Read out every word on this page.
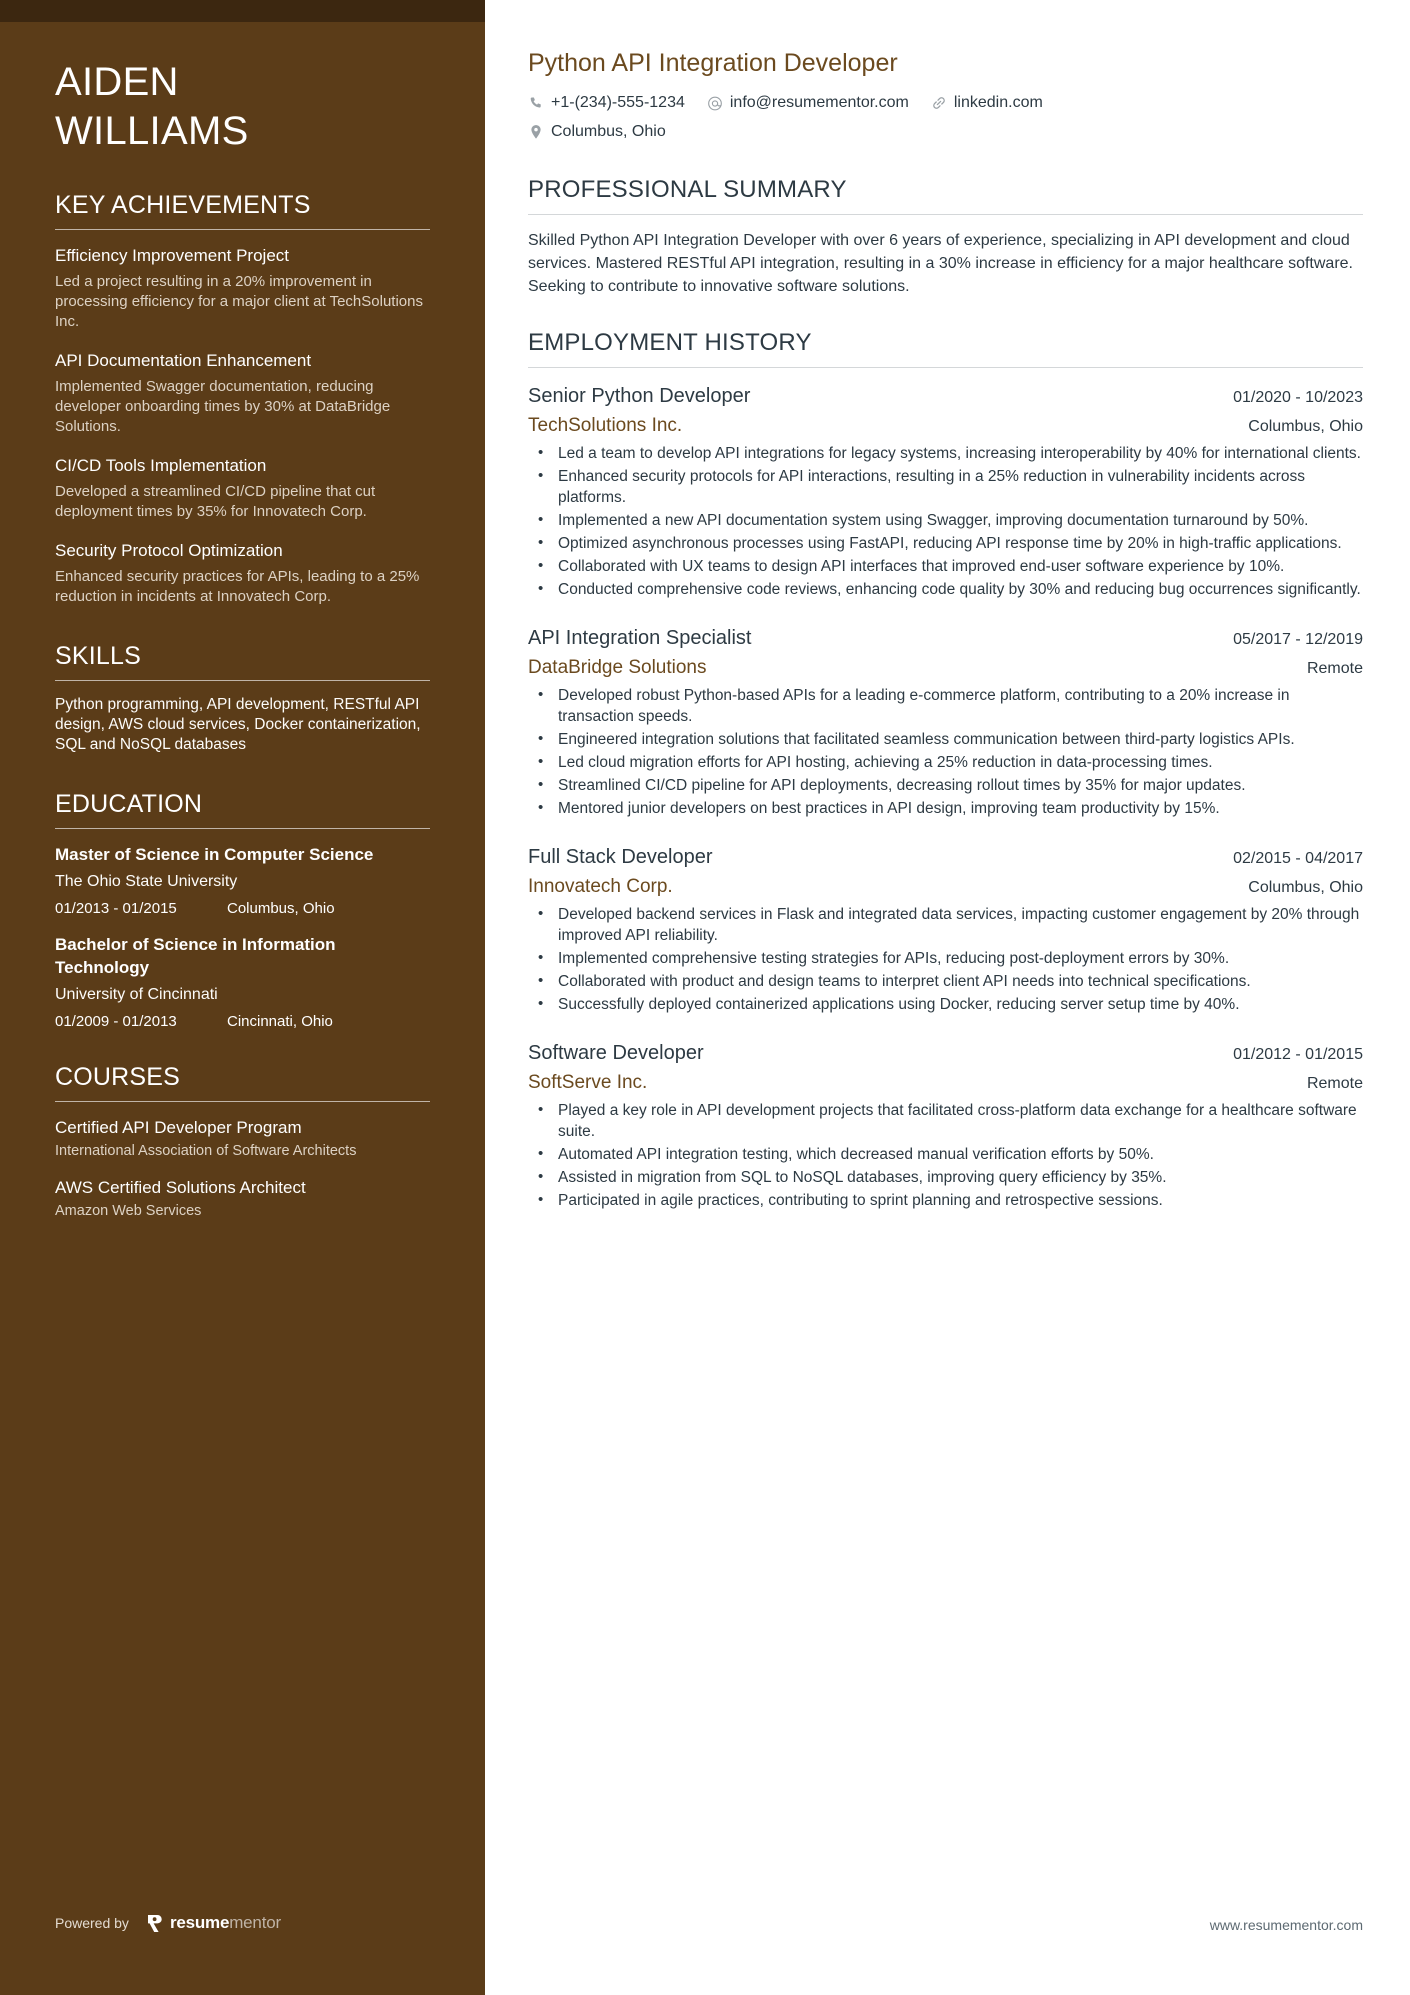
AIDEN
WILLIAMS
KEY ACHIEVEMENTS
Efficiency Improvement Project
Led a project resulting in a 20% improvement in processing efficiency for a major client at TechSolutions Inc.
API Documentation Enhancement
Implemented Swagger documentation, reducing developer onboarding times by 30% at DataBridge Solutions.
CI/CD Tools Implementation
Developed a streamlined CI/CD pipeline that cut deployment times by 35% for Innovatech Corp.
Security Protocol Optimization
Enhanced security practices for APIs, leading to a 25% reduction in incidents at Innovatech Corp.
SKILLS
Python programming, API development, RESTful API design, AWS cloud services, Docker containerization, SQL and NoSQL databases
EDUCATION
Master of Science in Computer Science
The Ohio State University
01/2013 - 01/2015	Columbus, Ohio
Bachelor of Science in Information Technology
University of Cincinnati
01/2009 - 01/2013	Cincinnati, Ohio
COURSES
Certified API Developer Program
International Association of Software Architects
AWS Certified Solutions Architect
Amazon Web Services
Powered by resumementor
Python API Integration Developer
+1-(234)-555-1234	info@resumementor.com	linkedin.com
Columbus, Ohio
PROFESSIONAL SUMMARY

Skilled Python API Integration Developer with over 6 years of experience, specializing in API development and cloud services. Mastered RESTful API integration, resulting in a 30% increase in efficiency for a major healthcare software. Seeking to contribute to innovative software solutions.

EMPLOYMENT HISTORY
Senior Python Developer	01/2020 - 10/2023
TechSolutions Inc.	Columbus, Ohio
• Led a team to develop API integrations for legacy systems, increasing interoperability by 40% for international clients.
• Enhanced security protocols for API interactions, resulting in a 25% reduction in vulnerability incidents across platforms.
• Implemented a new API documentation system using Swagger, improving documentation turnaround by 50%.
• Optimized asynchronous processes using FastAPI, reducing API response time by 20% in high-traffic applications.
• Collaborated with UX teams to design API interfaces that improved end-user software experience by 10%.
• Conducted comprehensive code reviews, enhancing code quality by 30% and reducing bug occurrences significantly.
API Integration Specialist	05/2017 - 12/2019
DataBridge Solutions	Remote
• Developed robust Python-based APIs for a leading e-commerce platform, contributing to a 20% increase in transaction speeds.
• Engineered integration solutions that facilitated seamless communication between third-party logistics APIs.
• Led cloud migration efforts for API hosting, achieving a 25% reduction in data-processing times.
• Streamlined CI/CD pipeline for API deployments, decreasing rollout times by 35% for major updates.
• Mentored junior developers on best practices in API design, improving team productivity by 15%.
Full Stack Developer	02/2015 - 04/2017
Innovatech Corp.	Columbus, Ohio
• Developed backend services in Flask and integrated data services, impacting customer engagement by 20% through improved API reliability.
• Implemented comprehensive testing strategies for APIs, reducing post-deployment errors by 30%.
• Collaborated with product and design teams to interpret client API needs into technical specifications.
• Successfully deployed containerized applications using Docker, reducing server setup time by 40%.
Software Developer	01/2012 - 01/2015
SoftServe Inc.	Remote
• Played a key role in API development projects that facilitated cross-platform data exchange for a healthcare software suite.
• Automated API integration testing, which decreased manual verification efforts by 50%.
• Assisted in migration from SQL to NoSQL databases, improving query efficiency by 35%.
• Participated in agile practices, contributing to sprint planning and retrospective sessions.
www.resumementor.com
